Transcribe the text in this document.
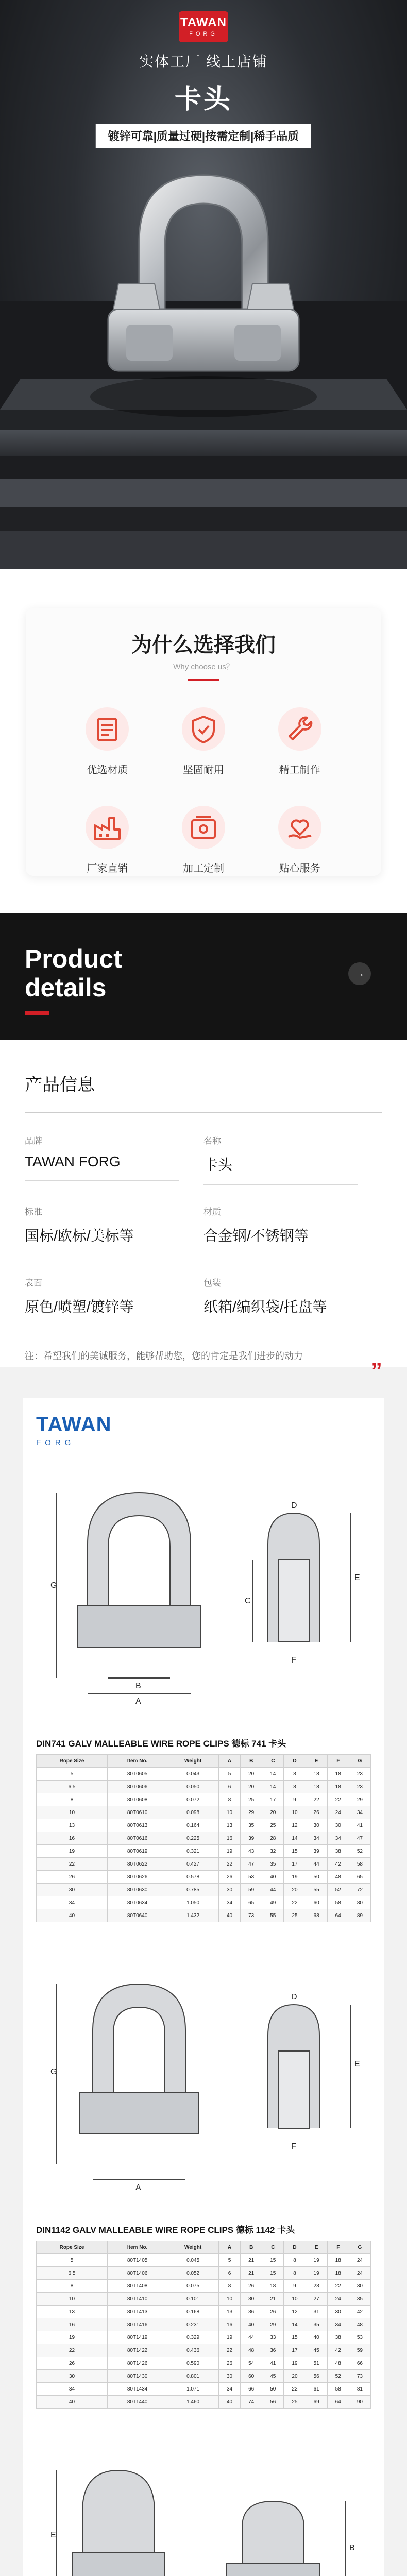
TAWAN
FORG
实体工厂 线上店铺
卡头
镀锌可靠|质量过硬|按需定制|稀手品质
为什么选择我们
Why choose us？
优选材质	坚固耐用	精工制作
厂家直销	加工定制	贴心服务
Product
details	→
产品信息
品牌
TAWAN FORG
名称
卡头
标准
国标/欧标/美标等
材质
合金钢/不锈钢等
表面
原色/喷塑/镀锌等
包装
纸箱/编织袋/托盘等
注：希望我们的美诚服务，能够帮助您，您的肯定是我们进步的动力
”
TAWAN
FORG
G
A
B
C
E
D
F
DIN741 GALV MALLEABLE WIRE ROPE CLIPS 德标 741 卡头
Rope Size	Item No.	Weight	A	B	C	D	E	F	G
5	80T0605	0.043	5	20	14	8	18	18	23
6.5	80T0606	0.050	6	20	14	8	18	18	23
8	80T0608	0.072	8	25	17	9	22	22	29
10	80T0610	0.098	10	29	20	10	26	24	34
13	80T0613	0.164	13	35	25	12	30	30	41
16	80T0616	0.225	16	39	28	14	34	34	47
19	80T0619	0.321	19	43	32	15	39	38	52
22	80T0622	0.427	22	47	35	17	44	42	58
26	80T0626	0.578	26	53	40	19	50	48	65
30	80T0630	0.785	30	59	44	20	55	52	72
34	80T0634	1.050	34	65	49	22	60	58	80
40	80T0640	1.432	40	73	55	25	68	64	89
G
A
E
D
F
DIN1142 GALV MALLEABLE WIRE ROPE CLIPS 德标 1142 卡头
Rope Size	Item No.	Weight	A	B	C	D	E	F	G
5	80T1405	0.045	5	21	15	8	19	18	24
6.5	80T1406	0.052	6	21	15	8	19	18	24
8	80T1408	0.075	8	26	18	9	23	22	30
10	80T1410	0.101	10	30	21	10	27	24	35
13	80T1413	0.168	13	36	26	12	31	30	42
16	80T1416	0.231	16	40	29	14	35	34	48
19	80T1419	0.329	19	44	33	15	40	38	53
22	80T1422	0.436	22	48	36	17	45	42	59
26	80T1426	0.590	26	54	41	19	51	48	66
30	80T1430	0.801	30	60	45	20	56	52	73
34	80T1434	1.071	34	66	50	22	61	58	81
40	80T1440	1.460	40	74	56	25	69	64	90
E
B
